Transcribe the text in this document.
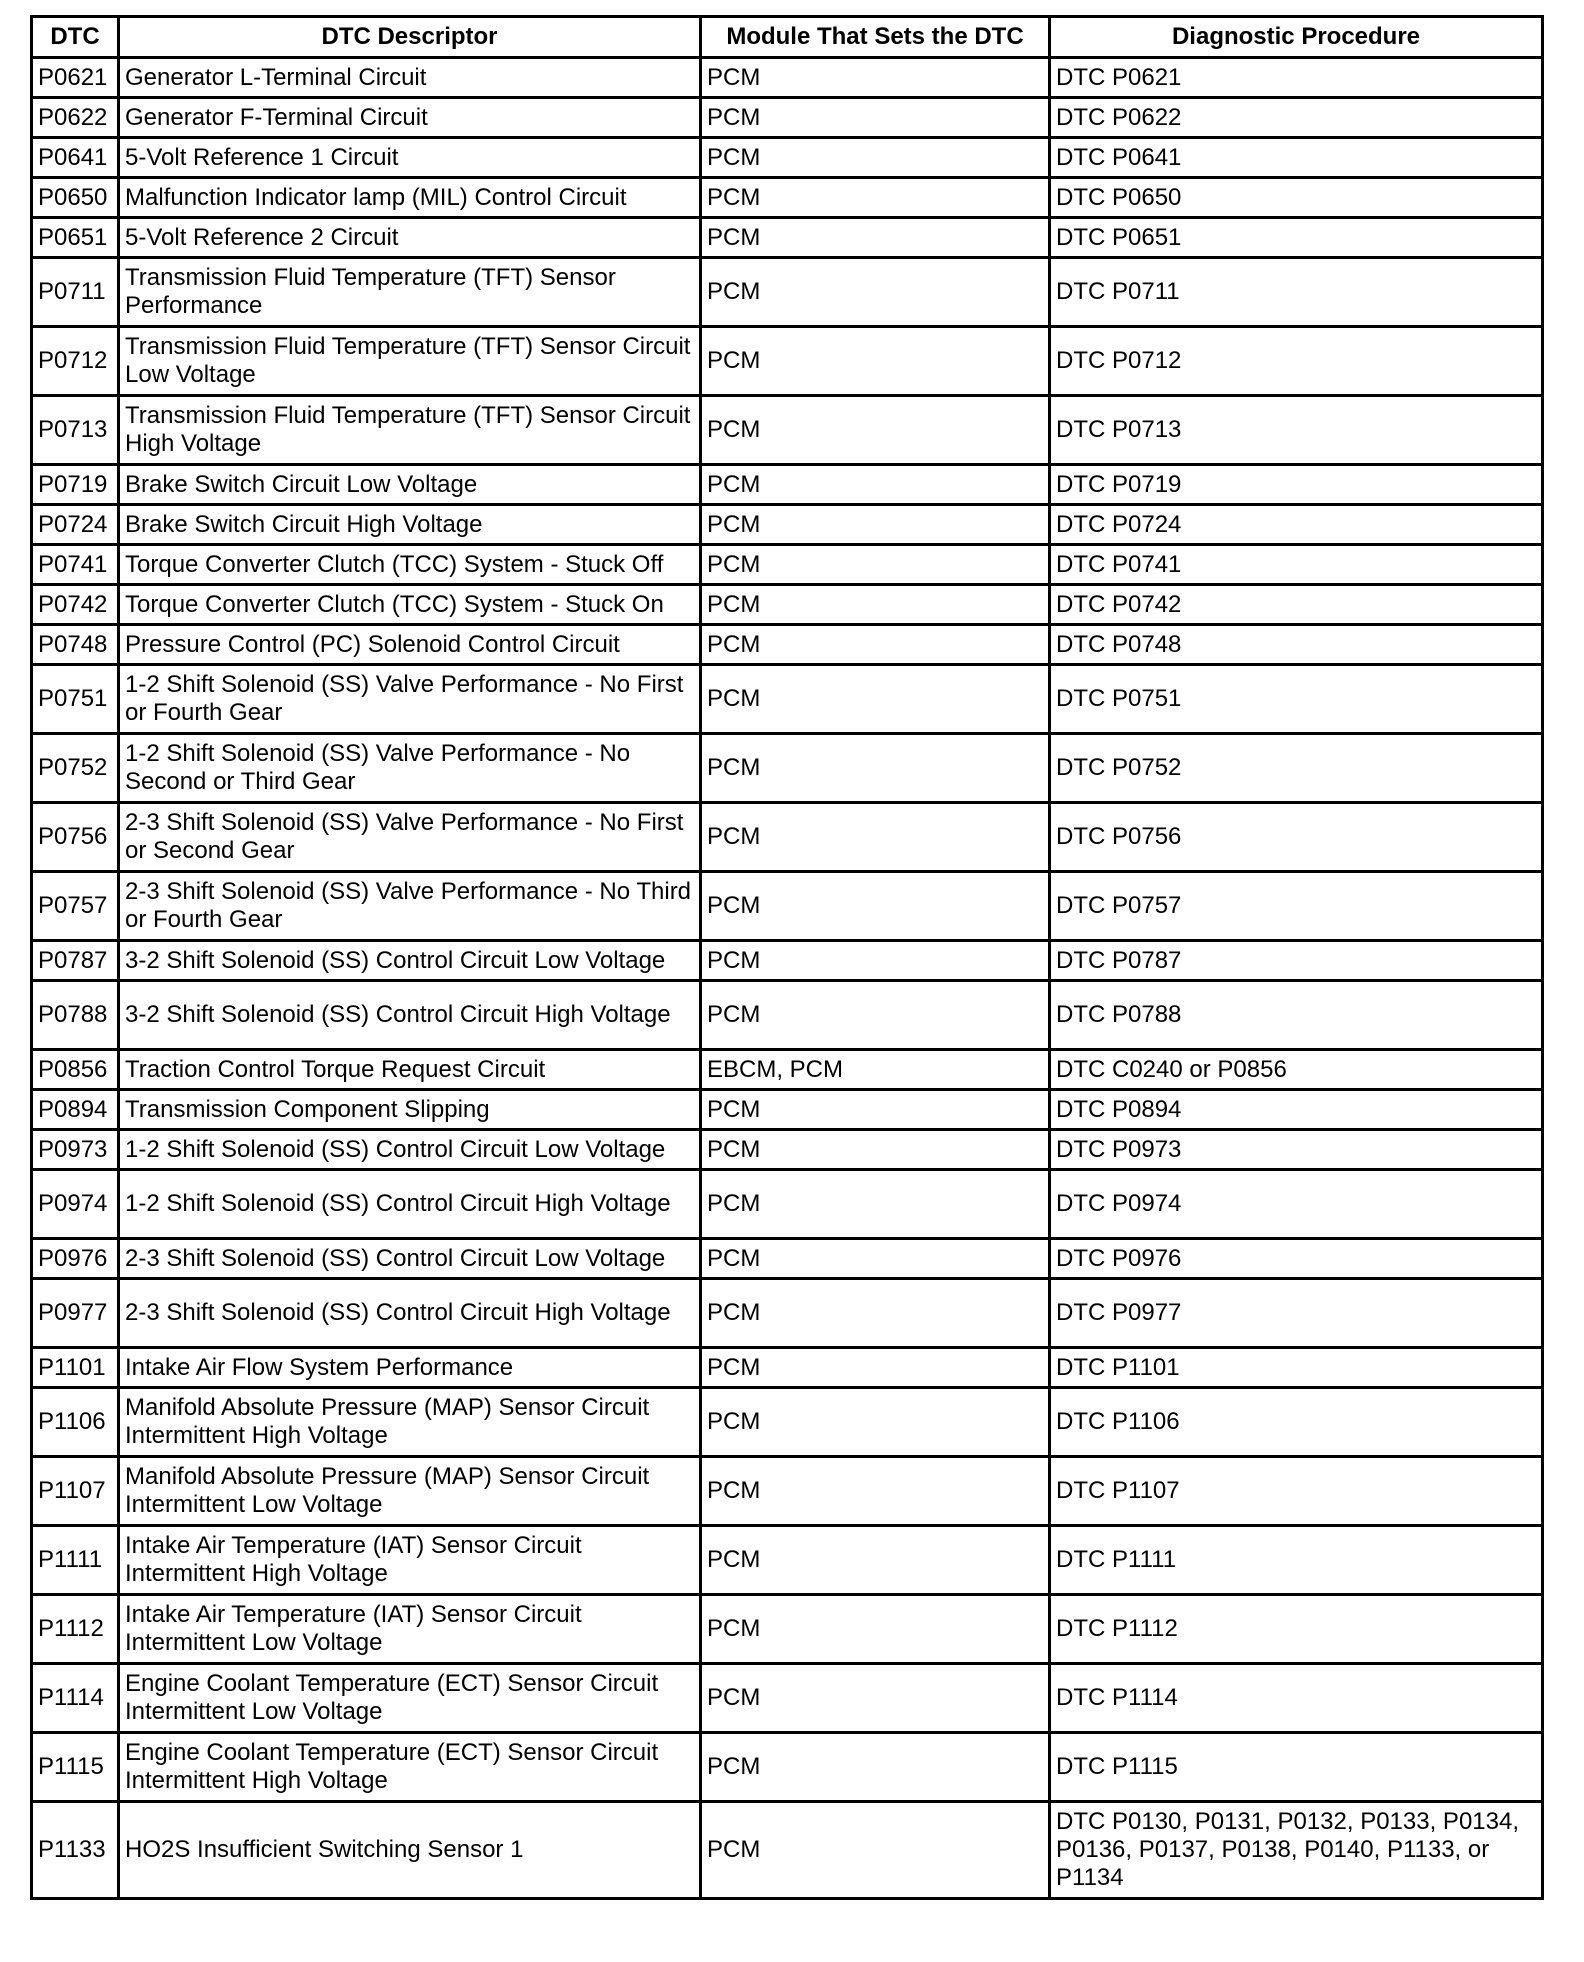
DTC	DTC Descriptor	Module That Sets the DTC	Diagnostic Procedure
P0621	Generator L-Terminal Circuit	PCM	DTC P0621
P0622	Generator F-Terminal Circuit	PCM	DTC P0622
P0641	5-Volt Reference 1 Circuit	PCM	DTC P0641
P0650	Malfunction Indicator lamp (MIL) Control Circuit	PCM	DTC P0650
P0651	5-Volt Reference 2 Circuit	PCM	DTC P0651
P0711	Transmission Fluid Temperature (TFT) Sensor Performance	PCM	DTC P0711
P0712	Transmission Fluid Temperature (TFT) Sensor Circuit Low Voltage	PCM	DTC P0712
P0713	Transmission Fluid Temperature (TFT) Sensor Circuit High Voltage	PCM	DTC P0713
P0719	Brake Switch Circuit Low Voltage	PCM	DTC P0719
P0724	Brake Switch Circuit High Voltage	PCM	DTC P0724
P0741	Torque Converter Clutch (TCC) System - Stuck Off	PCM	DTC P0741
P0742	Torque Converter Clutch (TCC) System - Stuck On	PCM	DTC P0742
P0748	Pressure Control (PC) Solenoid Control Circuit	PCM	DTC P0748
P0751	1-2 Shift Solenoid (SS) Valve Performance - No First or Fourth Gear	PCM	DTC P0751
P0752	1-2 Shift Solenoid (SS) Valve Performance - No Second or Third Gear	PCM	DTC P0752
P0756	2-3 Shift Solenoid (SS) Valve Performance - No First or Second Gear	PCM	DTC P0756
P0757	2-3 Shift Solenoid (SS) Valve Performance - No Third or Fourth Gear	PCM	DTC P0757
P0787	3-2 Shift Solenoid (SS) Control Circuit Low Voltage	PCM	DTC P0787
P0788	3-2 Shift Solenoid (SS) Control Circuit High Voltage	PCM	DTC P0788
P0856	Traction Control Torque Request Circuit	EBCM, PCM	DTC C0240 or P0856
P0894	Transmission Component Slipping	PCM	DTC P0894
P0973	1-2 Shift Solenoid (SS) Control Circuit Low Voltage	PCM	DTC P0973
P0974	1-2 Shift Solenoid (SS) Control Circuit High Voltage	PCM	DTC P0974
P0976	2-3 Shift Solenoid (SS) Control Circuit Low Voltage	PCM	DTC P0976
P0977	2-3 Shift Solenoid (SS) Control Circuit High Voltage	PCM	DTC P0977
P1101	Intake Air Flow System Performance	PCM	DTC P1101
P1106	Manifold Absolute Pressure (MAP) Sensor Circuit Intermittent High Voltage	PCM	DTC P1106
P1107	Manifold Absolute Pressure (MAP) Sensor Circuit Intermittent Low Voltage	PCM	DTC P1107
P1111	Intake Air Temperature (IAT) Sensor Circuit Intermittent High Voltage	PCM	DTC P1111
P1112	Intake Air Temperature (IAT) Sensor Circuit Intermittent Low Voltage	PCM	DTC P1112
P1114	Engine Coolant Temperature (ECT) Sensor Circuit Intermittent Low Voltage	PCM	DTC P1114
P1115	Engine Coolant Temperature (ECT) Sensor Circuit Intermittent High Voltage	PCM	DTC P1115
P1133	HO2S Insufficient Switching Sensor 1	PCM	DTC P0130, P0131, P0132, P0133, P0134, P0136, P0137, P0138, P0140, P1133, or P1134
